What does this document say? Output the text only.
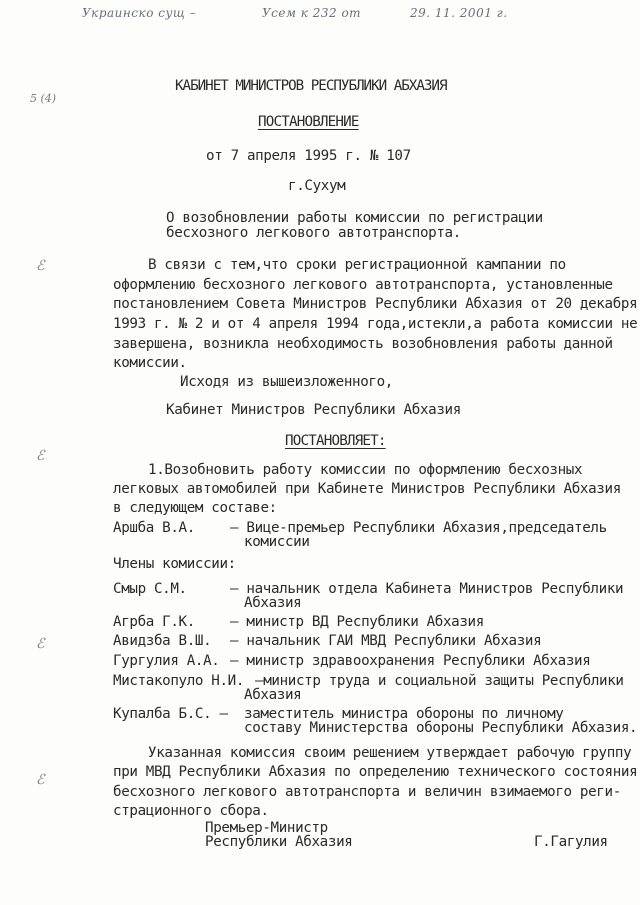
Украинско сущ –	Усем к 232 от	29. 11. 2001 г.
5 (4)
ℰ
ℰ
ℰ
ℰ
КАБИНЕТ МИНИСТРОВ РЕСПУБЛИКИ АБХАЗИЯ
ПОСТАНОВЛЕНИЕ
от 7 апреля 1995 г. № 107
г.Сухум
О возобновлении работы комиссии по регистрации
бесхозного легкового автотранспорта.
В связи с тем,что сроки регистрационной кампании по
оформлению бесхозного легкового автотранспорта, установленные
постановлением Совета Министров Республики Абхазия от 20 декабря
1993 г. № 2 и от 4 апреля 1994 года,истекли,а работа комиссии не
завершена, возникла необходимость возобновления работы данной
комиссии.
Исходя из вышеизложенного,
Кабинет Министров Республики Абхазия
ПОСТАНОВЛЯЕТ:
1.Возобновить работу комиссии по оформлению бесхозных
легковых автомобилей при Кабинете Министров Республики Абхазия
в следующем составе:
Аршба В.А. – Вице-премьер Республики Абхазия,председатель
комиссии
Члены комиссии:
Смыр С.М.	– начальник отдела Кабинета Министров Республики
Абхазия
Агрба Г.К. – министр ВД Республики Абхазия
Авидзба В.Ш. – начальник ГАИ МВД Республики Абхазия
Гургулия А.А. – министр здравоохранения Республики Абхазия
Мистакопуло Н.И. –министр труда и социальной защиты Республики
Абхазия
Купалба Б.С. – заместитель министра обороны по личному
составу Министерства обороны Республики Абхазия.
Указанная комиссия своим решением утверждает рабочую группу
при МВД Республики Абхазия по определению технического состояния
бесхозного легкового автотранспорта и величин взимаемого реги-
страционного сбора.
Премьер-Министр
Республики Абхазия	Г.Гагулия
